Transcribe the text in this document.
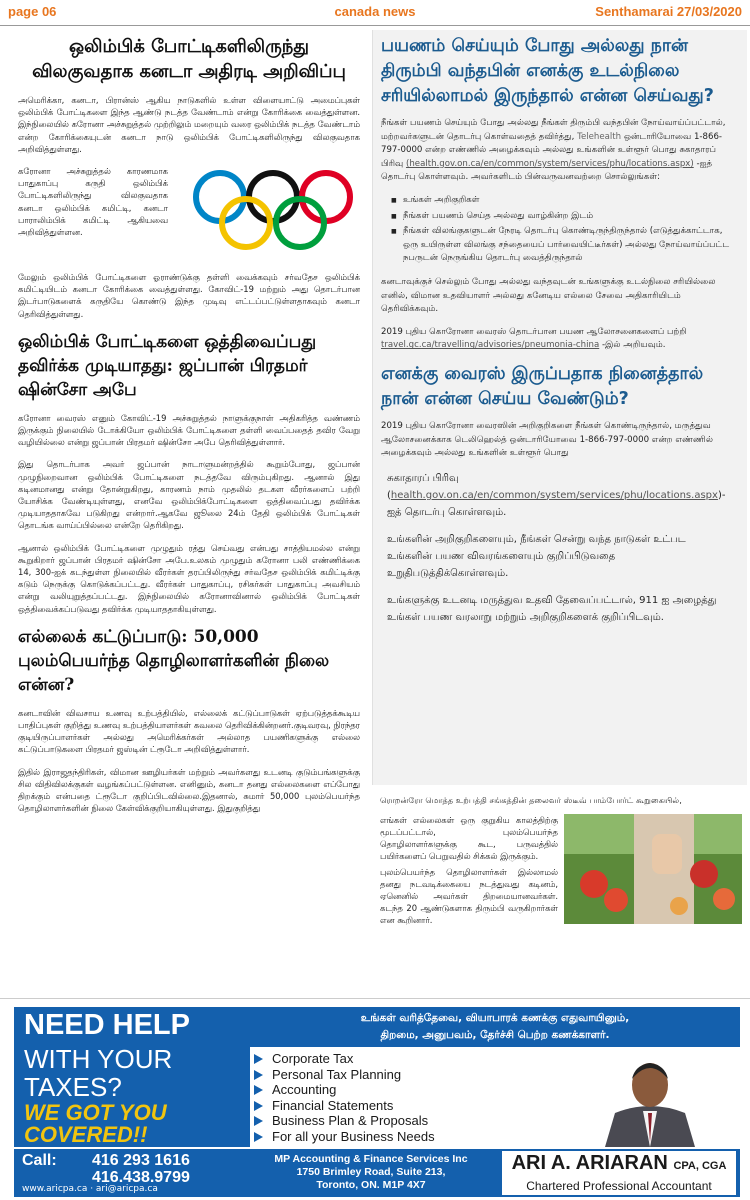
page 06	canada news	Senthamarai 27/03/2020
ஒலிம்பிக் போட்டிகளிலிருந்து விலகுவதாக கனடா அதிரடி அறிவிப்பு

அமெரிக்கா, கனடா, பிரான்ஸ் ஆகிய நாடுகளில் உள்ள விளையாட்டு அமைப்புகள் ஒலிம்பிக் போட்டிகளை இந்த ஆண்டு நடத்த வேண்டாம் என்று கோரிக்கை வைத்துள்ளன. இந்நிலையில் கரோனா அச்சுறுத்தல் முற்றிலும் மறையும் வரை ஒலிம்பிக் நடத்த வேண்டாம் என்ற கோரிக்கையுடன் கனடா நாடு ஒலிம்பிக் போட்டிகளிலிருந்து விலகுவதாக அறிவித்துள்ளது.

கரோனா அச்சுறுத்தல் காரணமாக பாதுகாப்பு கருதி ஒலிம்பிக் போட்டிகளிலிருந்து விலகுவதாக கனடா ஒலிம்பிக் கமிட்டி, கனடா பாராலிம்பிக் கமிட்டி ஆகியவை அறிவித்துள்ளன.

மேலும் ஒலிம்பிக் போட்டிகளை ஓராண்டுக்கு தள்ளி வைக்கவும் சர்வதேச ஒலிம்பிக் கமிட்டியிடம் கனடா கோரிக்கை வைத்துள்ளது. கோவிட்-19 மற்றும் அது தொடர்பான இடர்பாடுகளைக் கருதியே கொண்டு இந்த முடிவு எட்டப்பட்டுள்ளதாகவும் கனடா தெரிவித்துள்ளது.

ஒலிம்பிக் போட்டிகளை ஒத்திவைப்பது தவிர்க்க முடியாதது: ஜப்பான் பிரதமர் ஷின்சோ அபே

கரோனா வைரஸ் எனும் கோவிட்-19 அச்சுறுத்தல் நாளுக்குநாள் அதிகரித்த வண்ணம் இருக்கும் நிலையில் டோக்கியோ ஒலிம்பிக் போட்டிகளை தள்ளி வைப்பதைத் தவிர வேறு வழியில்லை என்று ஜப்பான் பிரதமர் ஷின்சோ அபே தெரிவித்துள்ளார்.

இது தொடர்பாக அவர் ஜப்பான் நாடாளுமன்றத்தில் கூறும்போது, ஜப்பான் முழுநிறைவான ஒலிம்பிக் போட்டிகளை நடத்தவே விரும்புகிறது. ஆனால் இது கடினமானது என்று தோன்றுகிறது, காரணம் நாம் முதலில் தடகள வீரர்களைப் பற்றி யோசிக்க வேண்டியுள்ளது, எனவே ஒலிம்பிக்போட்டிகளை ஒத்திவைப்பது தவிர்க்க முடியாததாகவே படுகிறது என்றார்.ஆகவே ஜூலை 24ம் தேதி ஒலிம்பிக் போட்டிகள் தொடங்க வாய்ப்பில்லை என்றே தெரிகிறது.

ஆனால் ஒலிம்பிக் போட்டிகளை முழுதும் ரத்து செய்வது என்பது சாத்தியமல்ல என்று கூறுகிறார் ஜப்பான் பிரதமர் ஷின்சோ அபே.உலகம் முழுதும் கரோனா பலி எண்ணிக்கை 14, 300-ஐக் கடந்துள்ள நிலையில் வீரர்கள் தரப்பிலிருந்து சர்வதேச ஒலிம்பிக் கமிட்டிக்கு கடும் நெருக்கு கொடுக்கப்பட்டது. வீரர்கள் பாதுகாப்பு, ரசிகர்கள் பாதுகாப்பு அவசியம் என்று வலியுறுத்தப்பட்டது. இந்நிலையில் கரோனாவினால் ஒலிம்பிக் போட்டிகள் ஒத்திவைக்கப்படுவது தவிர்க்க முடியாததாகியுள்ளது.

எல்லைக் கட்டுப்பாடு: 50,000 புலம்பெயர்ந்த தொழிலாளர்களின் நிலை என்ன?

கனடாவின் விவசாய உணவு உற்பத்தியில், எல்லைக் கட்டுப்பாடுகள் ஏற்படுத்தக்கூடிய பாதிப்புகள் குறித்து உணவு உற்பத்தியாளர்கள் கவலை தெரிவிக்கின்றனர்.குடிவரவு, நிரந்தர குடியிருப்பாளர்கள் அல்லது அமெரிக்கர்கள் அல்லாத பயணிகளுக்கு எல்லை கட்டுப்பாடுகளை பிரதமர் ஜஸ்டின் ட்ரூடோ அறிவித்துள்ளார்.

இதில் இராஜதந்திரிகள், விமான ஊழியர்கள் மற்றும் அவர்களது உடனடி குடும்பங்களுக்கு சில விதிவிலக்குகள் வழங்கப்பட்டுள்ளன. எனினும், கனடா தனது எல்லைகளை எப்போது திறக்கும் என்பதை ட்ரூடோ குறிப்பிடவில்லை.இதனால், சுமார் 50,000 புலம்பெயர்ந்த தொழிலாளர்களின் நிலை கேள்விக்குறியாகியுள்ளது. இதுகுறித்து

பயணம் செய்யும் போது அல்லது நான் திரும்பி வந்தபின் எனக்கு உடல்நிலை சரியில்லாமல் இருந்தால் என்ன செய்வது?

நீங்கள் பயணம் செய்யும் போது அல்லது நீங்கள் திரும்பி வந்தபின் நோய்வாய்ப்பட்டால், மற்றவர்களுடன் தொடர்பு கொள்வதைத் தவிர்த்து, Telehealth ஒன்டாரியோவை 1-866-797-0000 என்ற எண்ணில் அழைக்கவும் அல்லது உங்களின் உள்ளூர் பொது சுகாதாரப் பிரிவு (health.gov.on.ca/en/common/system/services/phu/locations.aspx) -ஐத் தொடர்பு கொள்ளவும். அவர்களிடம் பின்வருவனவற்றை சொல்லுங்கள்:

■ உங்கள் அறிகுறிகள்
■ நீங்கள் பயணம் செய்த அல்லது வாழ்கின்ற இடம்
■ நீங்கள் விலங்குகளுடன் நேரடி தொடர்பு கொண்டிருந்திருந்தால் (எடுத்துக்காட்டாக, ஒரு உயிருள்ள விலங்கு சந்தையைப் பார்வையிட்டீர்கள்) அல்லது நோய்வாய்ப்பட்ட நபருடன் நெருங்கிய தொடர்பு வைத்திருந்தால்

கனடாவுக்குச் செல்லும் போது அல்லது வந்தவுடன் உங்களுக்கு உடல்நிலை சரியில்லை எனில், விமான உதவியாளர் அல்லது கனேடிய எல்லை சேவை அதிகாரியிடம் தெரிவிக்கவும்.

2019 புதிய கொரோனா வைரஸ் தொடர்பான பயண ஆலோசனைகளைப் பற்றி travel.gc.ca/travelling/advisories/pneumonia-china -இல் அறியவும்.

எனக்கு வைரஸ் இருப்பதாக நினைத்தால் நான் என்ன செய்ய வேண்டும்?

2019 புதிய கொரோனா வைரஸின் அறிகுறிகளை நீங்கள் கொண்டிருந்தால், மருத்துவ ஆலோசனைக்காக டெலிஹெல்த் ஒன்டாரியோவை 1-866-797-0000 என்ற எண்ணில் அழைக்கவும் அல்லது உங்களின் உள்ளூர் பொது

சுகாதாரப் பிரிவு (health.gov.on.ca/en/common/system/services/phu/locations.aspx)-ஐத் தொடர்பு கொள்ளவும்.

உங்களின் அறிகுறிகளையும், நீங்கள் சென்று வந்த நாடுகள் உட்பட உங்களின் பயண விவரங்களையும் குறிப்பிடுவதை உறுதிபடுத்திக்கொள்ளவும்.

உங்களுக்கு உடனடி மருத்துவ உதவி தேவைப்பட்டால், 911 ஐ அழைத்து உங்கள் பயண வரலாறு மற்றும் அறிகுறிகளைக் குறிப்பிடவும்.

ரொறன்ரோ மொத்த உற்பத்தி சங்கத்தின் தலைவர் ஸ்டீவ் பாம்போர்ட் கூறுகையில்,

எங்கள் எல்லைகள் ஒரு குறுகிய காலத்திற்கு மூடப்பட்டால், புலம்பெயர்ந்த தொழிலாளர்களுக்கு கூட, பருவத்தில் பயிர்களைப் பெறுவதில் சிக்கல் இருக்கும்.

புலம்பெயர்ந்த தொழிலாளர்கள் இல்லாமல் தனது நடவடிக்கையை நடத்துவது கடினம், ஏனெனில் அவர்கள் திறமையானவர்கள். கடந்த 20 ஆண்டுகளாக திரும்பி வருகிறார்கள் என கூறினார்.

NEED HELP
WITH YOUR
TAXES?
WE GOT YOU
COVERED!!
உங்கள் வரித்தேவை, வியாபாரக் கணக்கு எதுவாயினும்,
திறமை, அனுபவம், தேர்ச்சி பெற்ற கணக்காளர்.
Corporate Tax
Personal Tax Planning
Accounting
Financial Statements
Business Plan & Proposals
For all your Business Needs
Call: 416 293 1616
416.438.9799
www.aricpa.ca · ari@aricpa.ca
MP Accounting & Finance Services Inc
1750 Brimley Road, Suite 213,
Toronto, ON. M1P 4X7
ARI A. ARIARAN CPA, CGA
Chartered Professional Accountant
